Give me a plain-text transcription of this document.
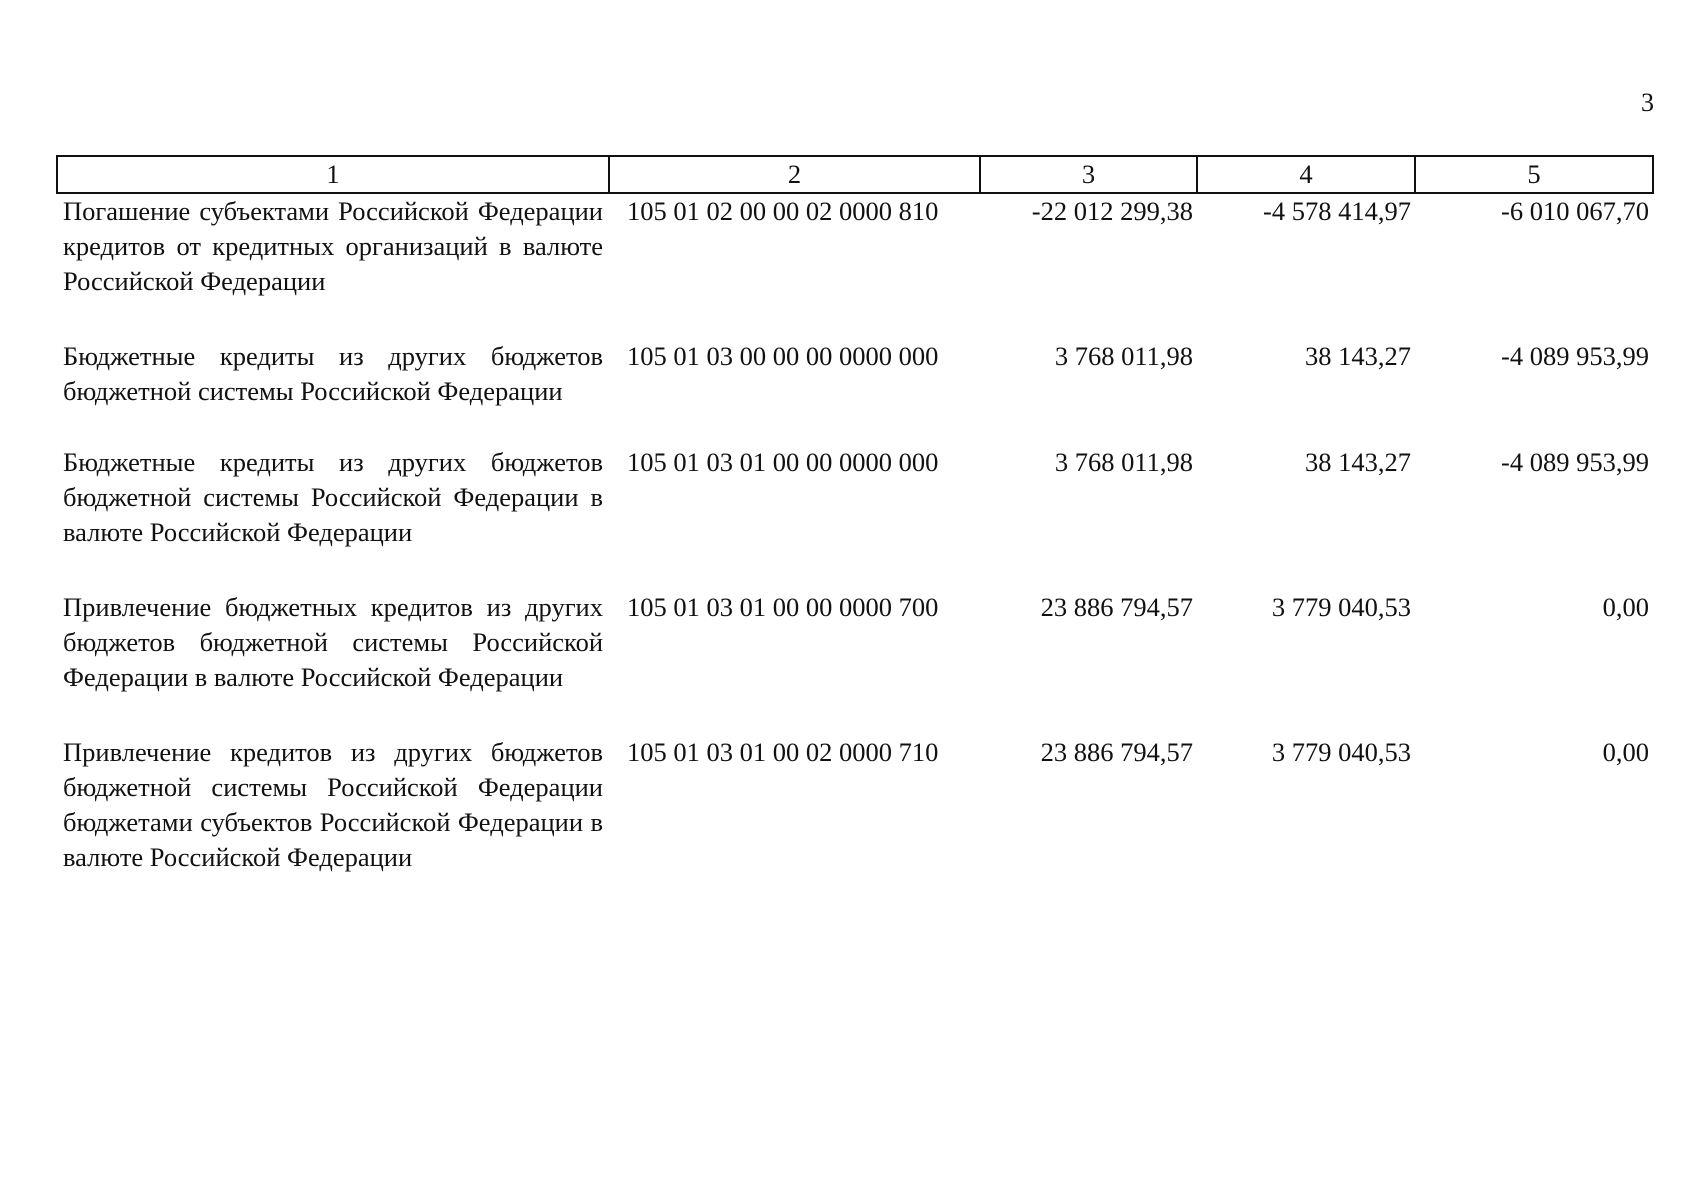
3
1	2	3	4	5
Погашение субъектами Российской Федерации кредитов от кредитных организаций в валюте Российской Федерации	105 01 02 00 00 02 0000 810	-22 012 299,38	-4 578 414,97	-6 010 067,70
Бюджетные кредиты из других бюджетов бюджетной системы Российской Федерации	105 01 03 00 00 00 0000 000	3 768 011,98	38 143,27	-4 089 953,99
Бюджетные кредиты из других бюджетов бюджетной системы Российской Федерации в валюте Российской Федерации	105 01 03 01 00 00 0000 000	3 768 011,98	38 143,27	-4 089 953,99
Привлечение бюджетных кредитов из других бюджетов бюджетной системы Российской Федерации в валюте Российской Федерации	105 01 03 01 00 00 0000 700	23 886 794,57	3 779 040,53	0,00
Привлечение кредитов из других бюджетов бюджетной системы Российской Федерации бюджетами субъектов Российской Федерации в валюте Российской Федерации	105 01 03 01 00 02 0000 710	23 886 794,57	3 779 040,53	0,00
